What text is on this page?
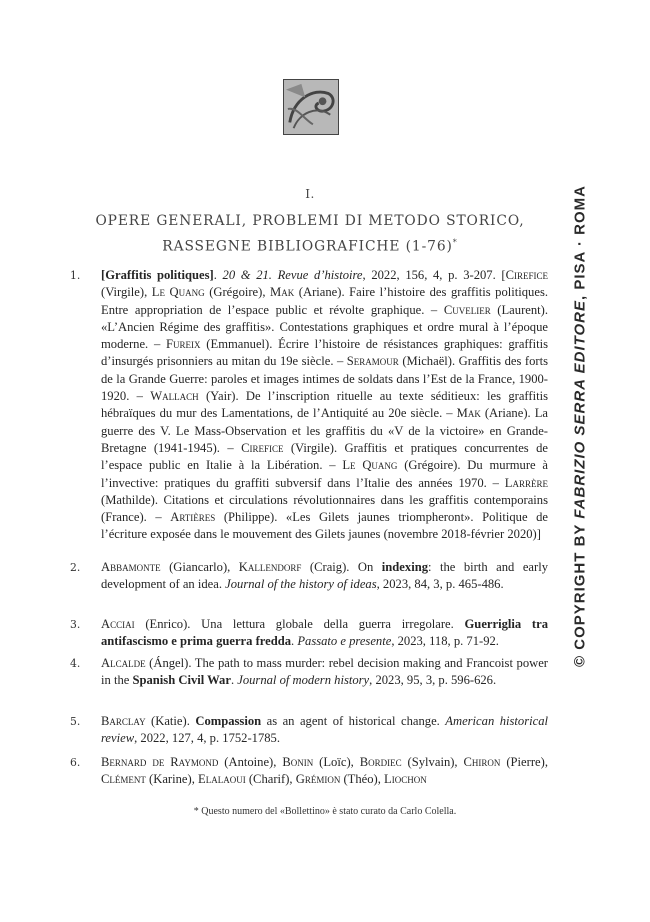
I.
OPERE GENERALI, PROBLEMI DI METODO STORICO,
RASSEGNE BIBLIOGRAFICHE (1-76)*
1. [Graffitis politiques]. 20 & 21. Revue d’histoire, 2022, 156, 4, p. 3-207. [Cirefice (Virgile), Le Quang (Grégoire), Mak (Ariane). Faire l’histoire des graffitis politiques. Entre appropriation de l’espace public et révolte graphique. – Cuvelier (Laurent). «L’Ancien Régime des graffitis». Contestations graphiques et ordre mural à l’époque moderne. – Fureix (Emmanuel). Écrire l’histoire de résistances graphiques: graffitis d’insurgés prisonniers au mitan du 19e siècle. – Seramour (Michaël). Graffitis des forts de la Grande Guerre: paroles et images intimes de soldats dans l’Est de la France, 1900-1920. – Wallach (Yair). De l’inscription rituelle au texte séditieux: les graffitis hébraïques du mur des Lamentations, de l’Antiquité au 20e siècle. – Mak (Ariane). La guerre des V. Le Mass-Observation et les graffitis du «V de la victoire» en Grande-Bretagne (1941-1945). – Cirefice (Virgile). Graffitis et pratiques concurrentes de l’espace public en Italie à la Libération. – Le Quang (Grégoire). Du murmure à l’invective: pratiques du graffiti subversif dans l’Italie des années 1970. – Larrère (Mathilde). Citations et circulations révolutionnaires dans les graffitis contemporains (France). – Artières (Philippe). «Les Gilets jaunes triompheront». Politique de l’écriture exposée dans le mouvement des Gilets jaunes (novembre 2018-février 2020)]
2. Abbamonte (Giancarlo), Kallendorf (Craig). On indexing: the birth and early development of an idea. Journal of the history of ideas, 2023, 84, 3, p. 465-486.
3. Acciai (Enrico). Una lettura globale della guerra irregolare. Guerriglia tra antifascismo e prima guerra fredda. Passato e presente, 2023, 118, p. 71-92.
4. Alcalde (Ángel). The path to mass murder: rebel decision making and Francoist power in the Spanish Civil War. Journal of modern history, 2023, 95, 3, p. 596-626.
5. Barclay (Katie). Compassion as an agent of historical change. American historical review, 2022, 127, 4, p. 1752-1785.
6. Bernard de Raymond (Antoine), Bonin (Loïc), Bordiec (Sylvain), Chiron (Pierre), Clément (Karine), Elalaoui (Charif), Grémion (Théo), Liochon
* Questo numero del «Bollettino» è stato curato da Carlo Colella.
© COPYRIGHT BY FABRIZIO SERRA EDITORE, PISA · ROMA
